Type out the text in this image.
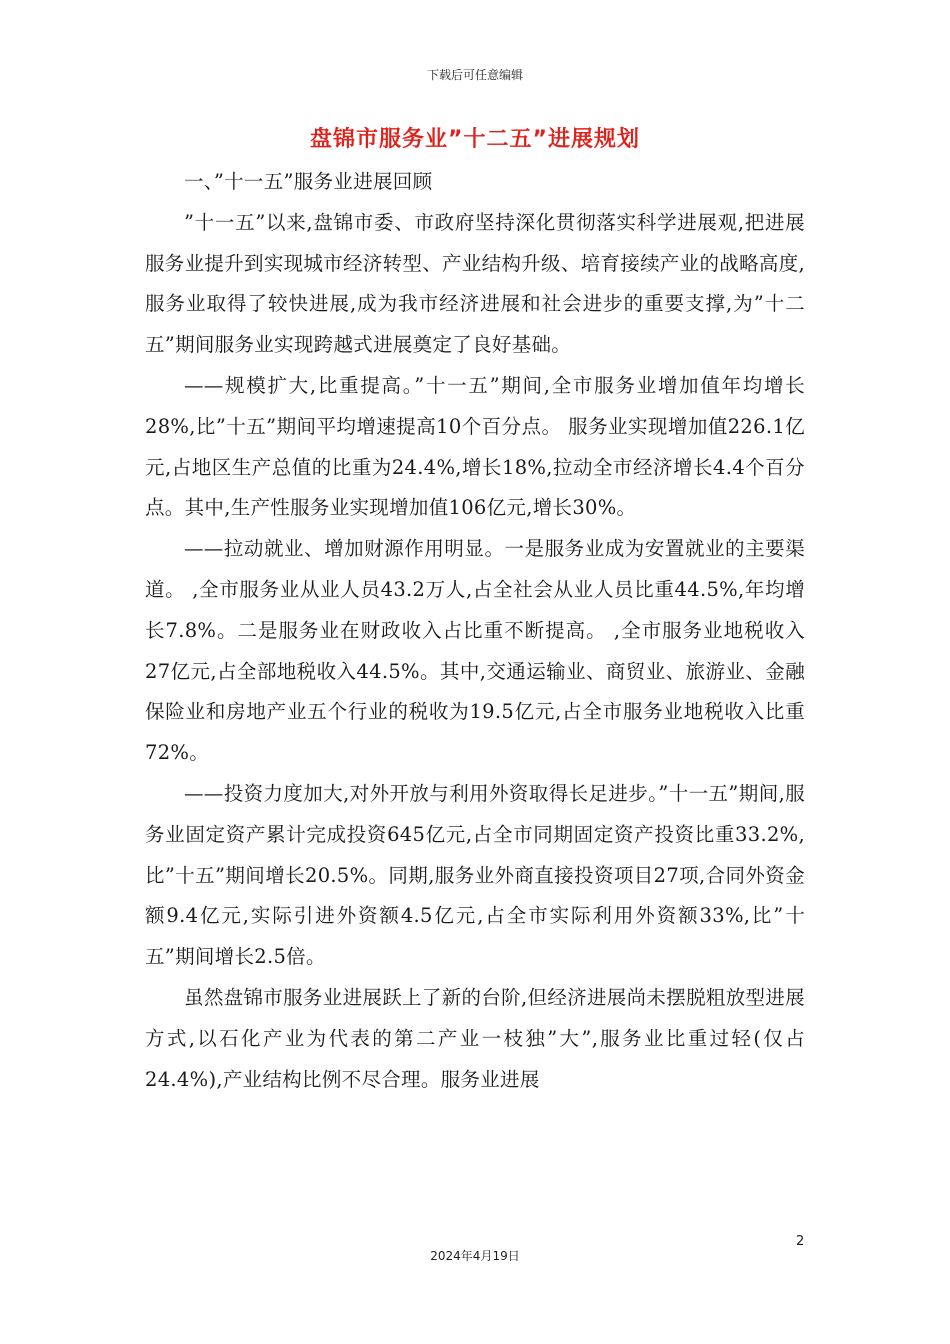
下载后可任意编辑
盘锦市服务业”十二五”进展规划

一、”十一五”服务业进展回顾

”十一五”以来,盘锦市委、市政府坚持深化贯彻落实科学进展观,把进展服务业提升到实现城市经济转型、产业结构升级、培育接续产业的战略高度,服务业取得了较快进展,成为我市经济进展和社会进步的重要支撑,为”十二五”期间服务业实现跨越式进展奠定了良好基础。

——规模扩大,比重提高。”十一五”期间,全市服务业增加值年均增长28%,比”十五”期间平均增速提高10个百分点。 服务业实现增加值226.1亿元,占地区生产总值的比重为24.4%,增长18%,拉动全市经济增长4.4个百分点。其中,生产性服务业实现增加值106亿元,增长30%。

——拉动就业、增加财源作用明显。一是服务业成为安置就业的主要渠道。 ,全市服务业从业人员43.2万人,占全社会从业人员比重44.5%,年均增长7.8%。二是服务业在财政收入占比重不断提高。 ,全市服务业地税收入27亿元,占全部地税收入44.5%。其中,交通运输业、商贸业、旅游业、金融保险业和房地产业五个行业的税收为19.5亿元,占全市服务业地税收入比重72%。

——投资力度加大,对外开放与利用外资取得长足进步。”十一五”期间,服务业固定资产累计完成投资645亿元,占全市同期固定资产投资比重33.2%,比”十五”期间增长20.5%。同期,服务业外商直接投资项目27项,合同外资金额9.4亿元,实际引进外资额4.5亿元,占全市实际利用外资额33%,比”十五”期间增长2.5倍。

虽然盘锦市服务业进展跃上了新的台阶,但经济进展尚未摆脱粗放型进展方式,以石化产业为代表的第二产业一枝独”大”,服务业比重过轻(仅占24.4%),产业结构比例不尽合理。服务业进展

2
2024年4月19日
